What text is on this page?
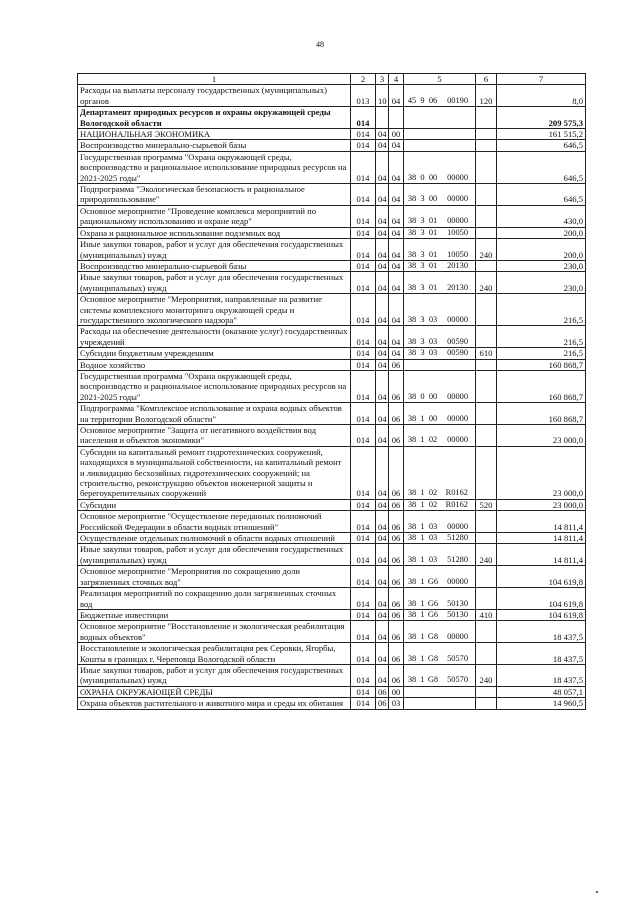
48
1	2	3	4	5	6	7
Расходы на выплаты персоналу государственных (муниципальных) органов	013	10	04	45 9 06 00190	120	8,0
Департамент природных ресурсов и охраны окружающей среды Вологодской области	014					209 575,3
НАЦИОНАЛЬНАЯ ЭКОНОМИКА	014	04	00			161 515,2
Воспроизводство минерально-сырьевой базы	014	04	04			646,5
Государственная программа "Охрана окружающей среды, воспроизводство и рациональное использование природных ресурсов на 2021-2025 годы"	014	04	04	38 0 00 00000		646,5
Подпрограмма "Экологическая безопасность и рациональное природопользование"	014	04	04	38 3 00 00000		646,5
Основное мероприятие "Проведение комплекса мероприятий по рациональному использованию и охране недр"	014	04	04	38 3 01 00000		430,0
Охрана и рациональное использование подземных вод	014	04	04	38 3 01 10050		200,0
Иные закупки товаров, работ и услуг для обеспечения государственных (муниципальных) нужд	014	04	04	38 3 01 10050	240	200,0
Воспроизводство минерально-сырьевой базы	014	04	04	38 3 01 20130		230,0
Иные закупки товаров, работ и услуг для обеспечения государственных (муниципальных) нужд	014	04	04	38 3 01 20130	240	230,0
Основное мероприятие "Мероприятия, направленные на развитие системы комплексного мониторинга окружающей среды и государственного экологического надзора"	014	04	04	38 3 03 00000		216,5
Расходы на обеспечение деятельности (оказание услуг) государственных учреждений	014	04	04	38 3 03 00590		216,5
Субсидии бюджетным учреждениям	014	04	04	38 3 03 00590	610	216,5
Водное хозяйство	014	04	06			160 868,7
Государственная программа "Охрана окружающей среды, воспроизводство и рациональное использование природных ресурсов на 2021-2025 годы"	014	04	06	38 0 00 00000		160 868,7
Подпрограмма "Комплексное использование и охрана водных объектов на территории Вологодской области"	014	04	06	38 1 00 00000		160 868,7
Основное мероприятие "Защита от негативного воздействия вод населения и объектов экономики"	014	04	06	38 1 02 00000		23 000,0
Субсидии на капитальный ремонт гидротехнических сооружений, находящихся в муниципальной собственности, на капитальный ремонт и ликвидацию бесхозяйных гидротехнических сооружений; на строительство, реконструкцию объектов инженерной защиты и берегоукрепительных сооружений	014	04	06	38 1 02 R0162		23 000,0
Субсидии	014	04	06	38 1 02 R0162	520	23 000,0
Основное мероприятие "Осуществление переданных полномочий Российской Федерации в области водных отношений"	014	04	06	38 1 03 00000		14 811,4
Осуществление отдельных полномочий в области водных отношений	014	04	06	38 1 03 51280		14 811,4
Иные закупки товаров, работ и услуг для обеспечения государственных (муниципальных) нужд	014	04	06	38 1 03 51280	240	14 811,4
Основное мероприятие "Мероприятия по сокращению доли загрязненных сточных вод"	014	04	06	38 1 G6 00000		104 619,8
Реализация мероприятий по сокращению доли загрязненных сточных вод	014	04	06	38 1 G6 50130		104 619,8
Бюджетные инвестиции	014	04	06	38 1 G6 50130	410	104 619,8
Основное мероприятие "Восстановление и экологическая реабилитация водных объектов"	014	04	06	38 1 G8 00000		18 437,5
Восстановление и экологическая реабилитация рек Серовки, Ягорбы, Кошты в границах г. Череповца Вологодской области	014	04	06	38 1 G8 50570		18 437,5
Иные закупки товаров, работ и услуг для обеспечения государственных (муниципальных) нужд	014	04	06	38 1 G8 50570	240	18 437,5
ОХРАНА ОКРУЖАЮЩЕЙ СРЕДЫ	014	06	00			48 057,1
Охрана объектов растительного и животного мира и среды их обитания	014	06	03			14 960,5
